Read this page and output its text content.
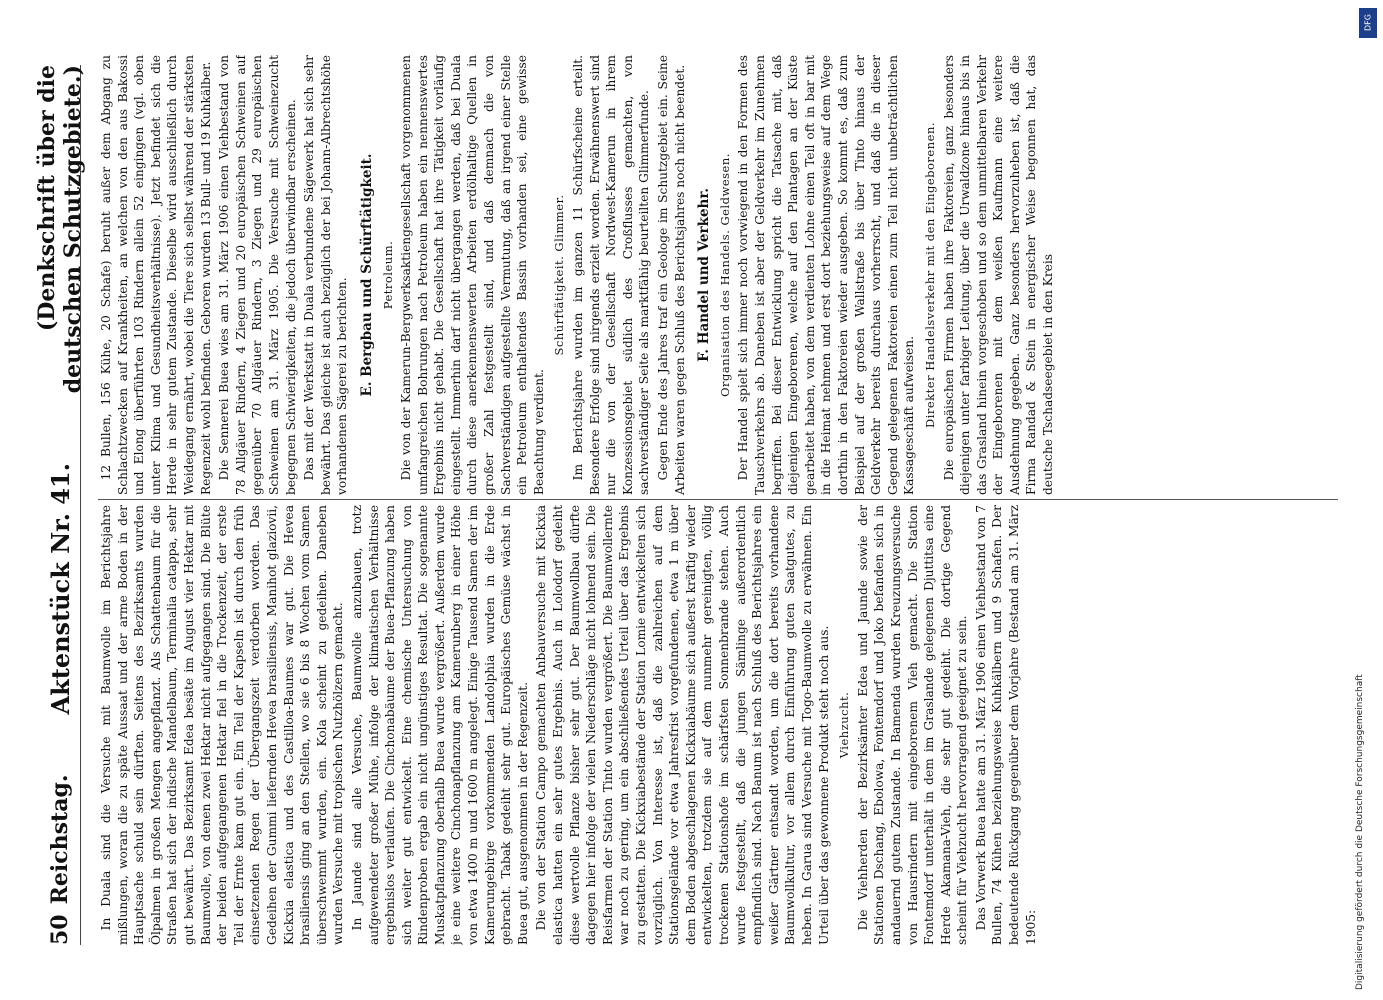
50
Reichstag.
Aktenstück Nr. 41.
(Denkschrift über die deutschen Schutzgebiete.)

In Duala sind die Versuche mit Baumwolle im Berichtsjahre mißlungen, woran die zu späte Aussaat und der arme Boden in der Hauptsache schuld sein dürften. Seitens des Bezirksamts wurden Ölpalmen in großen Mengen angepflanzt. Als Schattenbaum für die Straßen hat sich der indische Mandelbaum, Terminalia catappa, sehr gut bewährt. Das Bezirksamt Edea besäte im August vier Hektar mit Baumwolle, von denen zwei Hektar nicht aufgegangen sind. Die Blüte der beiden aufgegangenen Hektar fiel in die Trockenzeit, der erste Teil der Ernte kam gut ein. Ein Teil der Kapseln ist durch den früh einsetzenden Regen der Übergangszeit verdorben worden. Das Gedeihen der Gummi liefernden Hevea brasiliensis, Manihot glaziovii, Kickxia elastica und des Castilloa-Baumes war gut. Die Hevea brasiliensis ging an den Stellen, wo sie 6 bis 8 Wochen vom Samen überschwemmt wurden, ein. Kola scheint zu gedeihen. Daneben wurden Versuche mit tropischen Nutzhölzern gemacht. In Jaunde sind alle Versuche, Baumwolle anzubauen, trotz aufgewendeter großer Mühe, infolge der klimatischen Verhältnisse ergebnislos verlaufen. Die Cinchonabäume der Buea-Pflanzung haben sich weiter gut entwickelt. Eine chemische Untersuchung von Rindenproben ergab ein nicht ungünstiges Resultat. Die sogenannte Muskatpflanzung oberhalb Buea wurde vergrößert. Außerdem wurde je eine weitere Cinchonapflanzung am Kamerunberg in einer Höhe von etwa 1400 m und 1600 m angelegt. Einige Tausend Samen der im Kamerungebirge vorkommenden Landolphia wurden in die Erde gebracht. Tabak gedeiht sehr gut. Europäisches Gemüse wächst in Buea gut, ausgenommen in der Regenzeit. Die von der Station Campo gemachten Anbauversuche mit Kickxia elastica hatten ein sehr gutes Ergebnis. Auch in Lolodorf gedeiht diese wertvolle Pflanze bisher sehr gut. Der Baumwollbau dürfte dagegen hier infolge der vielen Niederschläge nicht lohnend sein. Die Reisfarmen der Station Tinto wurden vergrößert. Die Baumwollernte war noch zu gering, um ein abschließendes Urteil über das Ergebnis zu gestatten. Die Kickxiabestände der Station Lomie entwickelten sich vorzüglich. Von Interesse ist, daß die zahlreichen auf dem Stationsgelände vor etwa Jahresfrist vorgefundenen, etwa 1 m über dem Boden abgeschlagenen Kickxiabäume sich außerst kräftig wieder entwickelten, trotzdem sie auf dem nunmehr gereinigten, völlig trockenen Stationshofe im schärfsten Sonnenbrande stehen. Auch wurde festgestellt, daß die jungen Sämlinge außerordentlich empfindlich sind. Nach Banum ist nach Schluß des Berichtsjahres ein weißer Gärtner entsandt worden, um die dort bereits vorhandene Baumwollkultur, vor allem durch Einführung guten Saatgutes, zu heben. In Garua sind Versuche mit Togo-Baumwolle zu erwähnen. Ein Urteil über das gewonnene Produkt steht noch aus. Viehzucht. Die Viehherden der Bezirksämter Edea und Jaunde sowie der Stationen Dschang, Ebolowa, Fontemdorf und Joko befanden sich in andauernd gutem Zustande. In Bamenda wurden Kreuzungsversuche von Hausrindern mit eingeborenem Vieh gemacht. Die Station Fontemdorf unterhält in dem im Graslande gelegenen Djuttitsa eine Herde Akamana-Vieh, die sehr gut gedeiht. Die dortige Gegend scheint für Viehzucht hervorragend geeignet zu sein. Das Vorwerk Buea hatte am 31. März 1906 einen Viehbestand von 7 Bullen, 74 Kühen beziehungsweise Kuhkälbern und 9 Schafen. Der bedeutende Rückgang gegenüber dem Vorjahre (Bestand am 31. März 1905:

12 Bullen, 156 Kühe, 20 Schafe) beruht außer dem Abgang zu Schlachtzwecken auf Krankheiten, an welchen von den aus Bakossi und Elong überführten 103 Rindern allein 52 eingingen (vgl. oben unter Klima und Gesundheitsverhältnisse). Jetzt befindet sich die Herde in sehr gutem Zustande. Dieselbe wird ausschließlich durch Weidegang ernährt, wobei die Tiere sich selbst während der stärksten Regenzeit wohl befinden. Geboren wurden 13 Bull- und 19 Kuhkälber. Die Sennerei Buea wies am 31. März 1906 einen Viehbestand von 78 Allgäuer Rindern, 4 Ziegen und 20 europäischen Schweinen auf gegenüber 70 Allgäuer Rindern, 3 Ziegen und 29 europäischen Schweinen am 31. März 1905. Die Versuche mit Schweinezucht begegnen Schwierigkeiten, die jedoch überwindbar erscheinen. Das mit der Werkstatt in Duala verbundene Sägewerk hat sich sehr bewährt. Das gleiche ist auch bezüglich der bei Johann-Albrechtshöhe vorhandenen Sägerei zu berichten. E. Bergbau und Schürftätigkeit. Petroleum. Die von der Kamerun-Bergwerksaktiengesellschaft vorgenommenen umfangreichen Bohrungen nach Petroleum haben ein nennenswertes Ergebnis nicht gehabt. Die Gesellschaft hat ihre Tätigkeit vorläufig eingestellt. Immerhin darf nicht übergangen werden, daß bei Duala durch diese anerkennenswerten Arbeiten erdölhaltige Quellen in großer Zahl festgestellt sind, und daß demnach die von Sachverständigen aufgestellte Vermutung, daß an irgend einer Stelle ein Petroleum enthaltendes Bassin vorhanden sei, eine gewisse Beachtung verdient.

Schürftätigkeit. Glimmer. Im Berichtsjahre wurden im ganzen 11 Schürfscheine erteilt. Besondere Erfolge sind nirgends erzielt worden. Erwähnenswert sind nur die von der Gesellschaft Nordwest-Kamerun in ihrem Konzessionsgebiet südlich des Croßflusses gemachten, von sachverständiger Seite als marktfähig beurteilten Glimmerfunde. Gegen Ende des Jahres traf ein Geologe im Schutzgebiet ein. Seine Arbeiten waren gegen Schluß des Berichtsjahres noch nicht beendet. F. Handel und Verkehr. Organisation des Handels. Geldwesen. Der Handel spielt sich immer noch vorwiegend in den Formen des Tauschverkehrs ab. Daneben ist aber der Geldverkehr im Zunehmen begriffen. Bei dieser Entwicklung spricht die Tatsache mit, daß diejenigen Eingeborenen, welche auf den Plantagen an der Küste gearbeitet haben, von dem verdienten Lohne einen Teil oft in bar mit in die Heimat nehmen und erst dort beziehungsweise auf dem Wege dorthin in den Faktoreien wieder ausgeben. So kommt es, daß zum Beispiel auf der großen Wallstraße bis über Tinto hinaus der Geldverkehr bereits durchaus vorherrscht, und daß die in dieser Gegend gelegenen Faktoreien einen zum Teil nicht unbeträchtlichen Kassageschäft aufweisen. Direkter Handelsverkehr mit den Eingeborenen. Die europäischen Firmen haben ihre Faktoreien, ganz besonders diejenigen unter farbiger Leitung, über die Urwaldzone hinaus bis in das Grasland hinein vorgeschoben und so dem unmittelbaren Verkehr der Eingeborenen mit dem weißen Kaufmann eine weitere Ausdehnung gegeben. Ganz besonders hervorzuheben ist, daß die Firma Randad & Stein in energischer Weise begonnen hat, das deutsche Tschadseegebiet in den Kreis

DFG
Digitalisierung gefördert durch die Deutsche Forschungsgemeinschaft
